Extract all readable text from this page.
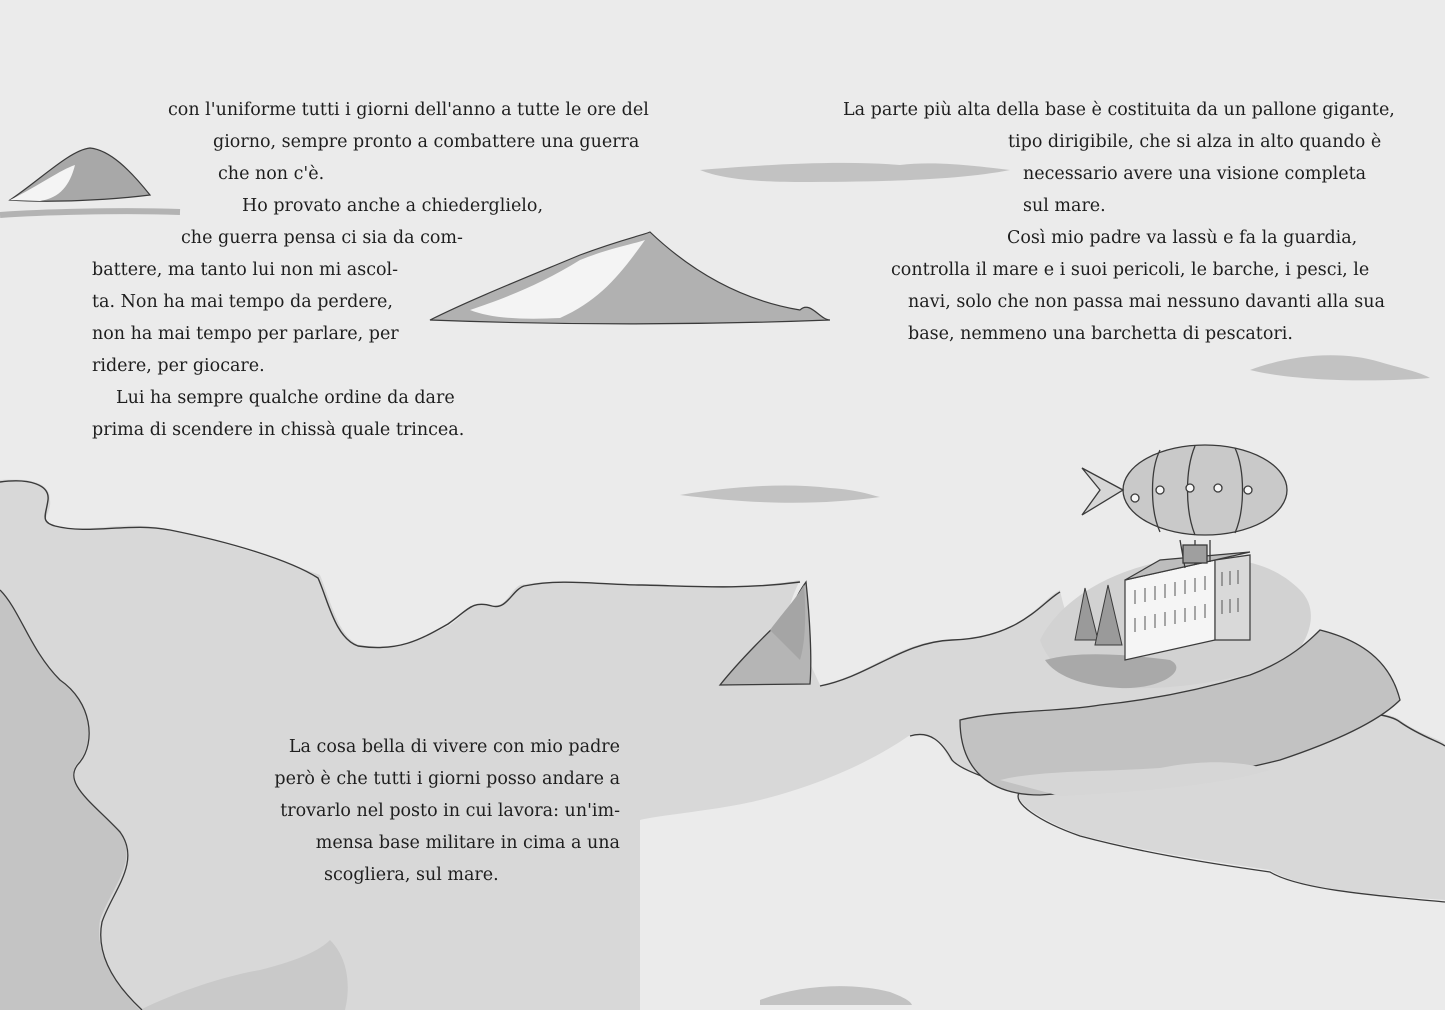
con l'uniforme tutti i giorni dell'anno a tutte le ore del
giorno, sempre pronto a combattere una guerra
che non c'è.
Ho provato anche a chiederglielo,
che guerra pensa ci sia da com-
battere, ma tanto lui non mi ascol-
ta. Non ha mai tempo da perdere,
non ha mai tempo per parlare, per
ridere, per giocare.
Lui ha sempre qualche ordine da dare
prima di scendere in chissà quale trincea.
La cosa bella di vivere con mio padre
però è che tutti i giorni posso andare a
trovarlo nel posto in cui lavora: un'im-
mensa base militare in cima a una
scogliera, sul mare.
La parte più alta della base è costituita da un pallone gigante,
tipo dirigibile, che si alza in alto quando è
necessario avere una visione completa
sul mare.
Così mio padre va lassù e fa la guardia,
controlla il mare e i suoi pericoli, le barche, i pesci, le
navi, solo che non passa mai nessuno davanti alla sua
base, nemmeno una barchetta di pescatori.
